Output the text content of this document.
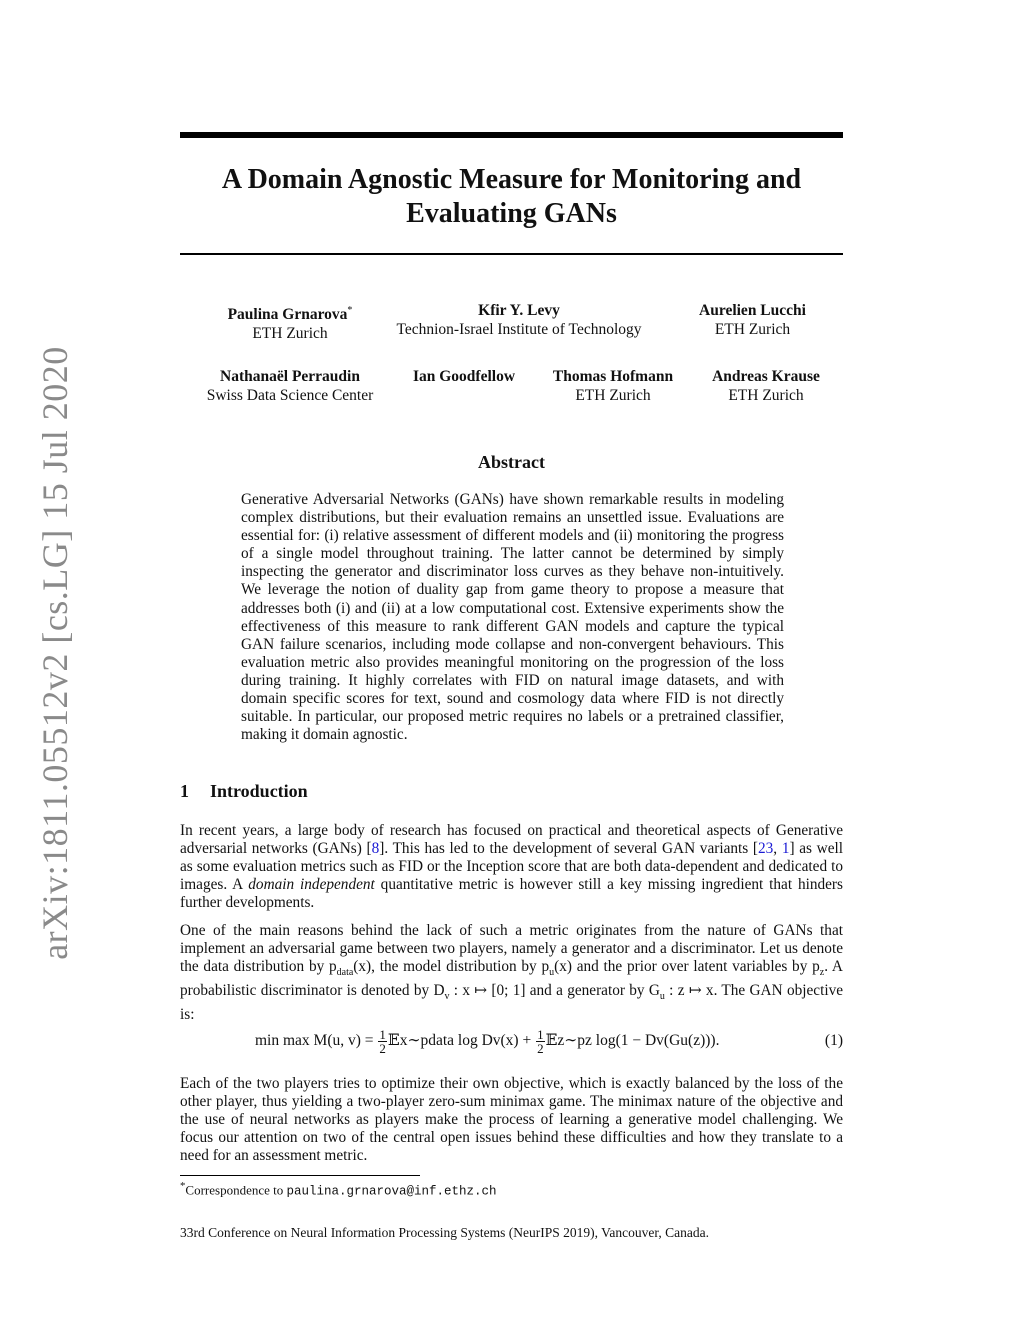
arXiv:1811.05512v2 [cs.LG] 15 Jul 2020
A Domain Agnostic Measure for Monitoring and
Evaluating GANs
Paulina Grnarova*
ETH Zurich
Kfir Y. Levy
Technion-Israel Institute of Technology
Aurelien Lucchi
ETH Zurich
Nathanaël Perraudin
Swiss Data Science Center
Ian Goodfellow	Thomas Hofmann
ETH Zurich
Andreas Krause
ETH Zurich
Abstract
Generative Adversarial Networks (GANs) have shown remarkable results in modeling complex distributions, but their evaluation remains an unsettled issue. Evaluations are essential for: (i) relative assessment of different models and (ii) monitoring the progress of a single model throughout training. The latter cannot be determined by simply inspecting the generator and discriminator loss curves as they behave non-intuitively. We leverage the notion of duality gap from game theory to propose a measure that addresses both (i) and (ii) at a low computational cost. Extensive experiments show the effectiveness of this measure to rank different GAN models and capture the typical GAN failure scenarios, including mode collapse and non-convergent behaviours. This evaluation metric also provides meaningful monitoring on the progression of the loss during training. It highly correlates with FID on natural image datasets, and with domain specific scores for text, sound and cosmology data where FID is not directly suitable. In particular, our proposed metric requires no labels or a pretrained classifier, making it domain agnostic.
1 Introduction
In recent years, a large body of research has focused on practical and theoretical aspects of Generative adversarial networks (GANs) [8]. This has led to the development of several GAN variants [23, 1] as well as some evaluation metrics such as FID or the Inception score that are both data-dependent and dedicated to images. A domain independent quantitative metric is however still a key missing ingredient that hinders further developments.
One of the main reasons behind the lack of such a metric originates from the nature of GANs that implement an adversarial game between two players, namely a generator and a discriminator. Let us denote the data distribution by $p_{data}(x)$, the model distribution by $p_u(x)$ and the prior over latent variables by $p_z$. A probabilistic discriminator is denoted by $D_v$ : x ↦ [0; 1] and a generator by $G_u$ : z ↦ x. The GAN objective is:
min max M(u, $v) = \frac{1}{2}$ 𝔼x∼pdata $\log Dv(x) + \frac{1}{2}$ 𝔼z∼pz log(1 − Dv(Gu(z))).	(1)
Each of the two players tries to optimize their own objective, which is exactly balanced by the loss of the other player, thus yielding a two-player zero-sum minimax game. The minimax nature of the objective and the use of neural networks as players make the process of learning a generative model challenging. We focus our attention on two of the central open issues behind these difficulties and how they translate to a need for an assessment metric.
*Correspondence to paulina.grnarova@inf.ethz.ch
33rd Conference on Neural Information Processing Systems (NeurIPS 2019), Vancouver, Canada.
